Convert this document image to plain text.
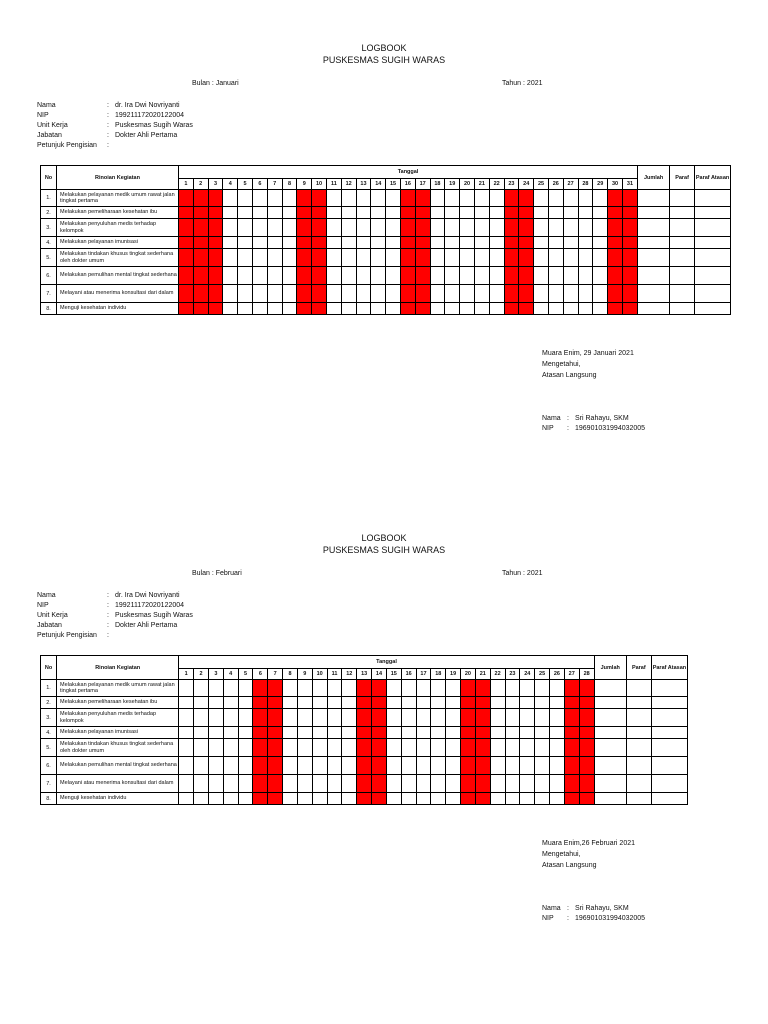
LOGBOOK
PUSKESMAS SUGIH WARAS
Bulan : Januari	Tahun : 2021
Nama	: dr. Ira Dwi Novriyanti
NIP	: 199211172020122004
Unit Kerja	: Puskesmas Sugih Waras
Jabatan	: Dokter Ahli Pertama
Petunjuk Pengisian :
No	Rinoian Kegiatan	Tanggal																															Jumlah	Paraf	Paraf Atasan
		1	2	3	4	5	6	7	8	9	10	11	12	13	14	15	16	17	18	19	20	21	22	23	24	25	26	27	28	29	30	31			
1.	Melakukan pelayanan medik umum rawat jalan tingkat pertama																																		
2.	Melakukan pemeliharaan kesehatan ibu																																		
3.	Melakukan penyuluhan medis terhadap kelompok																																		
4.	Melakukan pelayanan imunisasi																																		
5.	Melakukan tindakan khusus tingkat sederhana oleh dokter umum																																		
6.	Melakukan pemulihan mental tingkat sederhana																																		
7.	Melayani atau menerima konsultasi dari dalam																																		
8.	Menguji kesehatan individu																																		
Muara Enim, 29 Januari 2021
Mengetahui,
Atasan Langsung
Nama : Sri Rahayu, SKM
NIP : 196901031994032005
LOGBOOK
PUSKESMAS SUGIH WARAS
Bulan : Februari	Tahun : 2021
Nama	: dr. Ira Dwi Novriyanti
NIP	: 199211172020122004
Unit Kerja	: Puskesmas Sugih Waras
Jabatan	: Dokter Ahli Pertama
Petunjuk Pengisian :
No	Rinoian Kegiatan	Tanggal																												Jumlah	Paraf	Paraf Atasan
		1	2	3	4	5	6	7	8	9	10	11	12	13	14	15	16	17	18	19	20	21	22	23	24	25	26	27	28			
1.	Melakukan pelayanan medik umum rawat jalan tingkat pertama																															
2.	Melakukan pemeliharaan kesehatan ibu																															
3.	Melakukan penyuluhan medis terhadap kelompok																															
4.	Melakukan pelayanan imunisasi																															
5.	Melakukan tindakan khusus tingkat sederhana oleh dokter umum																															
6.	Melakukan pemulihan mental tingkat sederhana																															
7.	Melayani atau menerima konsultasi dari dalam																															
8.	Menguji kesehatan individu																															
Muara Enim,26 Februari 2021
Mengetahui,
Atasan Langsung
Nama : Sri Rahayu, SKM
NIP : 196901031994032005
